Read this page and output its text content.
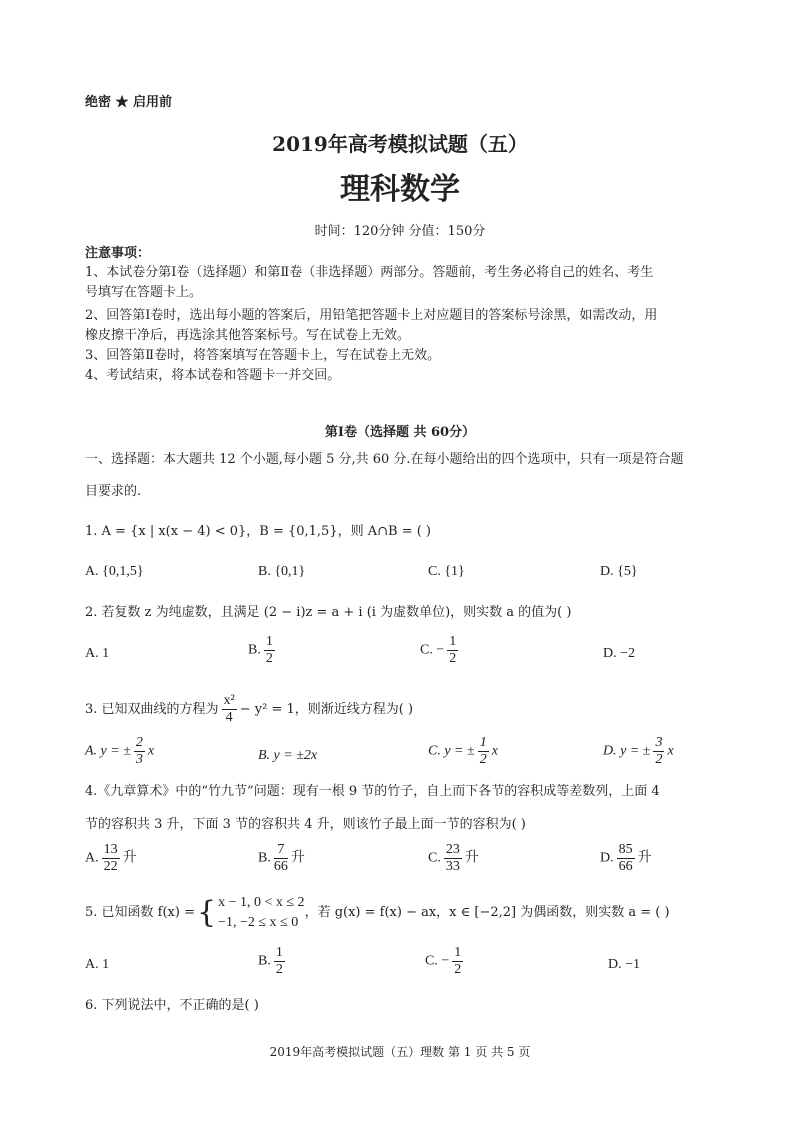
绝密 ★ 启用前
2019年高考模拟试题（五）
理科数学
时间：120分钟 分值：150分
注意事项：
1、本试卷分第Ⅰ卷（选择题）和第Ⅱ卷（非选择题）两部分。答题前，考生务必将自己的姓名、考生
号填写在答题卡上。
2、回答第Ⅰ卷时，选出每小题的答案后，用铅笔把答题卡上对应题目的答案标号涂黑，如需改动，用
橡皮擦干净后，再选涂其他答案标号。写在试卷上无效。
3、回答第Ⅱ卷时，将答案填写在答题卡上，写在试卷上无效。
4、考试结束，将本试卷和答题卡一并交回。
第Ⅰ卷（选择题 共 60分）
一、选择题：本大题共 12 个小题,每小题 5 分,共 60 分.在每小题给出的四个选项中，只有一项是符合题
目要求的.
1. A = {x | x(x − 4) < 0}，B = {0,1,5}，则 A∩B = ( )
A. {0,1,5}	B. {0,1}	C. {1}	D. {5}
2. 若复数 z 为纯虚数，且满足 (2 − i)z = a + i (i 为虚数单位)，则实数 a 的值为( )
A. 1	B. $\frac{1}{2}$	C. − $\frac{1}{2}$	D. −2
3. 已知双曲线的方程为 $\frac{\text{x²}}{4} - y^2 = 1$，则渐近线方程为( )
A. y = ± $\frac{2}{3}$ x	B. y = ±2x	C. y = ± $\frac{1}{2}$ x	D. y = ± $\frac{3}{2}$ x
4.《九章算术》中的“竹九节”问题：现有一根 9 节的竹子，自上而下各节的容积成等差数列，上面 4
节的容积共 3 升，下面 3 节的容积共 4 升，则该竹子最上面一节的容积为( )
A. $\frac{13}{22}$ 升	B. $\frac{7}{66}$ 升	C. $\frac{23}{33}$ 升	D. $\frac{85}{66}$ 升
5. 已知函数 f(x) = { x − 1, 0 < x ≤ 2
−1, −2 ≤ x ≤ 0
，若 g(x) = f(x) − ax，x ∈ [−2,2] 为偶函数，则实数 a = ( )
A. 1	B. $\frac{1}{2}$	C. − $\frac{1}{2}$	D. −1
6. 下列说法中，不正确的是( )
2019年高考模拟试题（五）理数 第 1 页 共 5 页
